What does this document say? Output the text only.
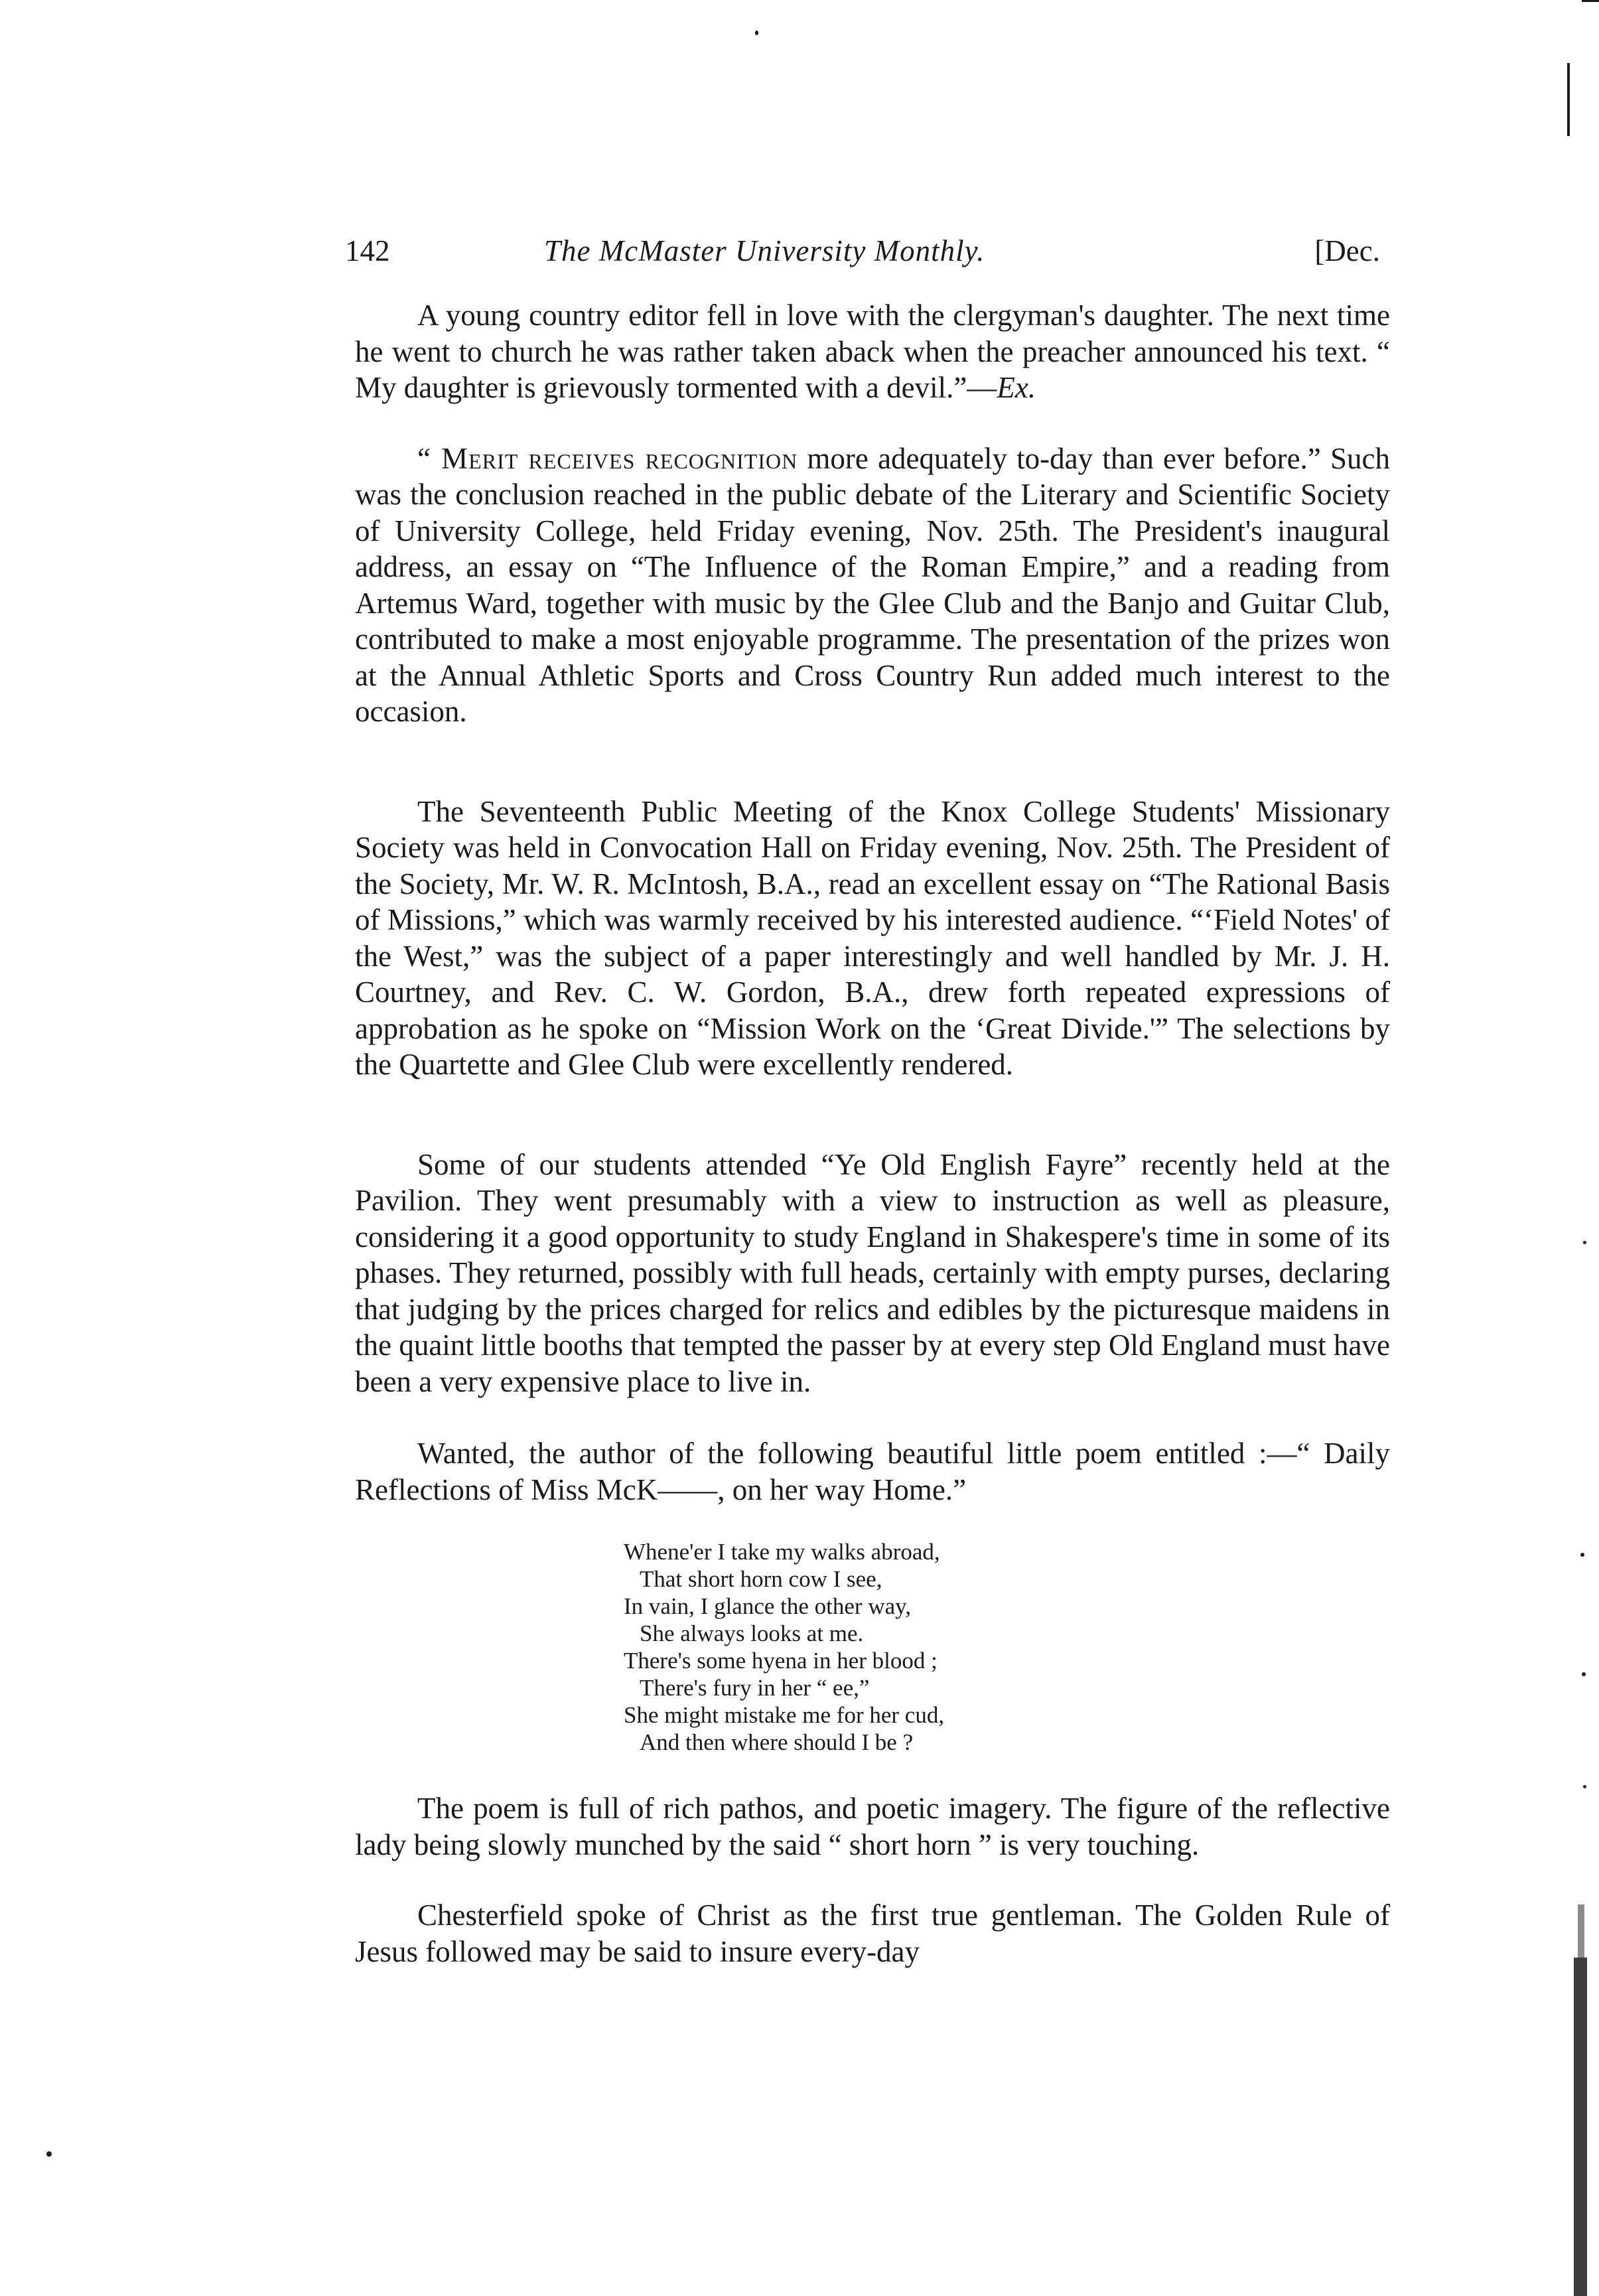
142	The McMaster University Monthly.	[Dec.

A young country editor fell in love with the clergyman's daughter. The next time he went to church he was rather taken aback when the preacher announced his text. “ My daughter is grievously tormented with a devil.”—Ex.

“ Merit receives recognition more adequately to-day than ever before.” Such was the conclusion reached in the public debate of the Literary and Scientific Society of University College, held Friday evening, Nov. 25th. The President's inaugural address, an essay on “The Influence of the Roman Empire,” and a reading from Artemus Ward, together with music by the Glee Club and the Banjo and Guitar Club, contributed to make a most enjoyable programme. The presentation of the prizes won at the Annual Athletic Sports and Cross Country Run added much interest to the occasion.

The Seventeenth Public Meeting of the Knox College Students' Missionary Society was held in Convocation Hall on Friday evening, Nov. 25th. The President of the Society, Mr. W. R. McIntosh, B.A., read an excellent essay on “The Rational Basis of Missions,” which was warmly received by his interested audience. “‘Field Notes' of the West,” was the subject of a paper interestingly and well handled by Mr. J. H. Courtney, and Rev. C. W. Gordon, B.A., drew forth repeated expressions of approbation as he spoke on “Mission Work on the ‘Great Divide.'” The selections by the Quartette and Glee Club were excellently rendered.

Some of our students attended “Ye Old English Fayre” recently held at the Pavilion. They went presumably with a view to instruction as well as pleasure, considering it a good opportunity to study England in Shakespere's time in some of its phases. They returned, possibly with full heads, certainly with empty purses, declaring that judging by the prices charged for relics and edibles by the picturesque maidens in the quaint little booths that tempted the passer by at every step Old England must have been a very expensive place to live in.

Wanted, the author of the following beautiful little poem entitled :—“ Daily Reflections of Miss McK——, on her way Home.”

Whene'er I take my walks abroad,
That short horn cow I see,
In vain, I glance the other way,
She always looks at me.
There's some hyena in her blood ;
There's fury in her “ ee,”
She might mistake me for her cud,
And then where should I be ?

The poem is full of rich pathos, and poetic imagery. The figure of the reflective lady being slowly munched by the said “ short horn ” is very touching.

Chesterfield spoke of Christ as the first true gentleman. The Golden Rule of Jesus followed may be said to insure every-day
